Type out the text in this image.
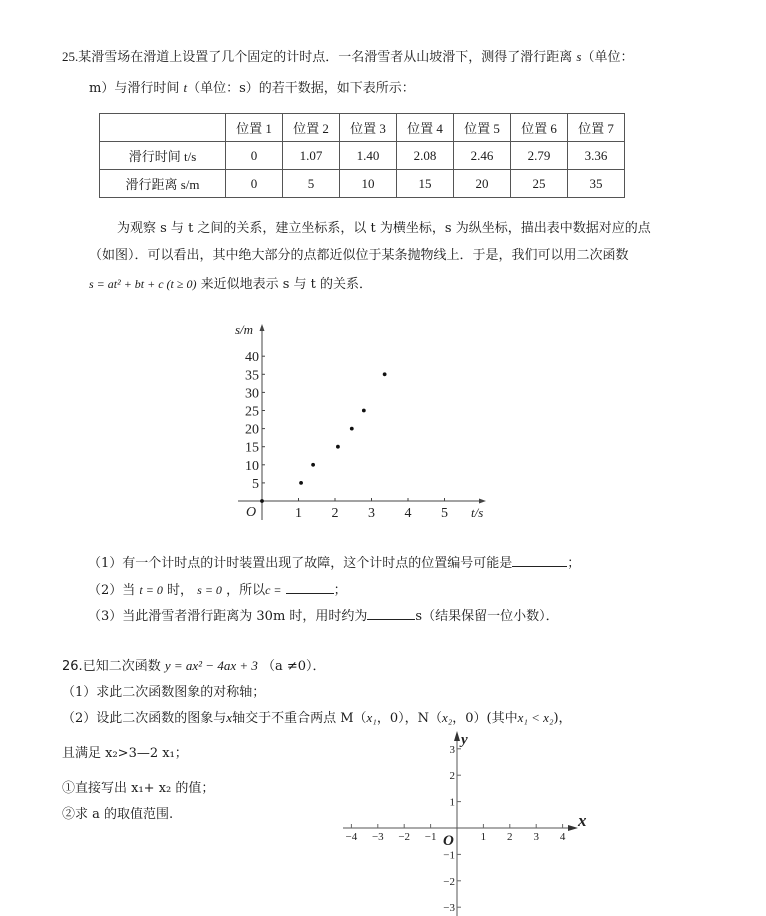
25.某滑雪场在滑道上设置了几个固定的计时点．一名滑雪者从山坡滑下，测得了滑行距离 s（单位：
m）与滑行时间 t（单位：s）的若干数据，如下表所示：
	位置 1	位置 2	位置 3	位置 4	位置 5	位置 6	位置 7
滑行时间 t/s	0	1.07	1.40	2.08	2.46	2.79	3.36
滑行距离 s/m	0	5	10	15	20	25	35
为观察 s 与 t 之间的关系，建立坐标系，以 t 为横坐标，s 为纵坐标，描出表中数据对应的点
（如图）．可以看出，其中绝大部分的点都近似位于某条抛物线上．于是，我们可以用二次函数
s = at² + bt + c (t ≥ 0) 来近似地表示 s 与 t 的关系．
1 2 3 4 5
5
10
15
20
25
30
35
40
s/m
t/s
O
（1）有一个计时点的计时装置出现了故障，这个计时点的位置编号可能是	；
（2）当 t = 0 时， s = 0 ，所以c =	；
（3）当此滑雪者滑行距离为 30m 时，用时约为	s（结果保留一位小数）．
26.已知二次函数 y = ax² − 4ax + 3 （a ≠0）．
（1）求此二次函数图象的对称轴；
（2）设此二次函数的图象与x轴交于不重合两点 M（x₁，0），N（x₂，0）(其中x₁ < x₂)，
且满足 x₂>3—2 x₁；
①直接写出 x₁+ x₂ 的值；
②求 a 的取值范围.
−4 −3 −2 −1	1 2 3 4
3
2
1
−1
−2
−3
y
x
O
